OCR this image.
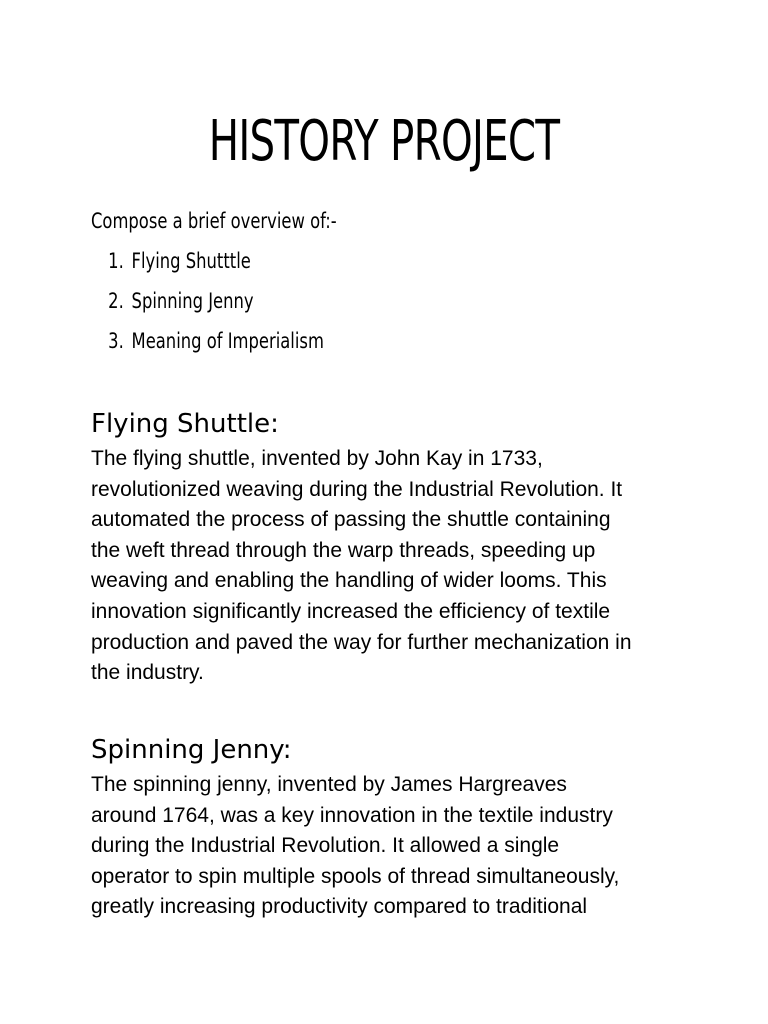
HISTORY PROJECT
Compose a brief overview of:-
1. Flying Shutttle
2. Spinning Jenny
3. Meaning of Imperialism
Flying Shuttle:

The flying shuttle, invented by John Kay in 1733,
revolutionized weaving during the Industrial Revolution. It
automated the process of passing the shuttle containing
the weft thread through the warp threads, speeding up
weaving and enabling the handling of wider looms. This
innovation significantly increased the efficiency of textile
production and paved the way for further mechanization in
the industry.

Spinning Jenny:

The spinning jenny, invented by James Hargreaves
around 1764, was a key innovation in the textile industry
during the Industrial Revolution. It allowed a single
operator to spin multiple spools of thread simultaneously,
greatly increasing productivity compared to traditional
